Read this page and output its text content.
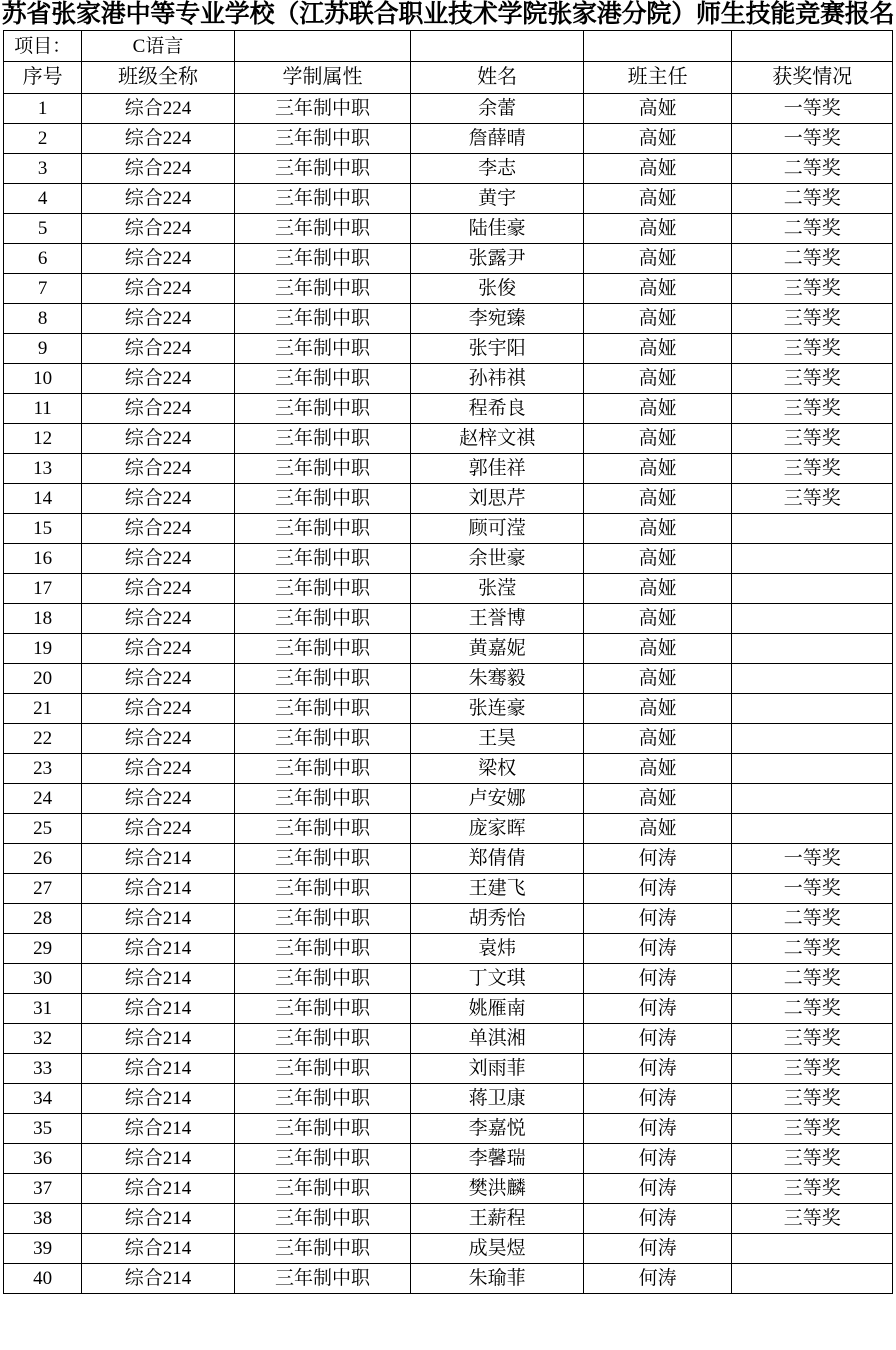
苏省张家港中等专业学校（江苏联合职业技术学院张家港分院）师生技能竞赛报名
项目：	C语言				
序号	班级全称	学制属性	姓名	班主任	获奖情况
1	综合224	三年制中职	余蕾	高娅	一等奖
2	综合224	三年制中职	詹薛晴	高娅	一等奖
3	综合224	三年制中职	李志	高娅	二等奖
4	综合224	三年制中职	黄宇	高娅	二等奖
5	综合224	三年制中职	陆佳豪	高娅	二等奖
6	综合224	三年制中职	张露尹	高娅	二等奖
7	综合224	三年制中职	张俊	高娅	三等奖
8	综合224	三年制中职	李宛臻	高娅	三等奖
9	综合224	三年制中职	张宇阳	高娅	三等奖
10	综合224	三年制中职	孙祎祺	高娅	三等奖
11	综合224	三年制中职	程希良	高娅	三等奖
12	综合224	三年制中职	赵梓文祺	高娅	三等奖
13	综合224	三年制中职	郭佳祥	高娅	三等奖
14	综合224	三年制中职	刘思芹	高娅	三等奖
15	综合224	三年制中职	顾可滢	高娅	
16	综合224	三年制中职	余世豪	高娅	
17	综合224	三年制中职	张滢	高娅	
18	综合224	三年制中职	王誉博	高娅	
19	综合224	三年制中职	黄嘉妮	高娅	
20	综合224	三年制中职	朱骞毅	高娅	
21	综合224	三年制中职	张连豪	高娅	
22	综合224	三年制中职	王昊	高娅	
23	综合224	三年制中职	梁权	高娅	
24	综合224	三年制中职	卢安娜	高娅	
25	综合224	三年制中职	庞家晖	高娅	
26	综合214	三年制中职	郑倩倩	何涛	一等奖
27	综合214	三年制中职	王建飞	何涛	一等奖
28	综合214	三年制中职	胡秀怡	何涛	二等奖
29	综合214	三年制中职	袁炜	何涛	二等奖
30	综合214	三年制中职	丁文琪	何涛	二等奖
31	综合214	三年制中职	姚雁南	何涛	二等奖
32	综合214	三年制中职	单淇湘	何涛	三等奖
33	综合214	三年制中职	刘雨菲	何涛	三等奖
34	综合214	三年制中职	蒋卫康	何涛	三等奖
35	综合214	三年制中职	李嘉悦	何涛	三等奖
36	综合214	三年制中职	李馨瑞	何涛	三等奖
37	综合214	三年制中职	樊洪麟	何涛	三等奖
38	综合214	三年制中职	王薪程	何涛	三等奖
39	综合214	三年制中职	成昊煜	何涛	
40	综合214	三年制中职	朱瑜菲	何涛	
